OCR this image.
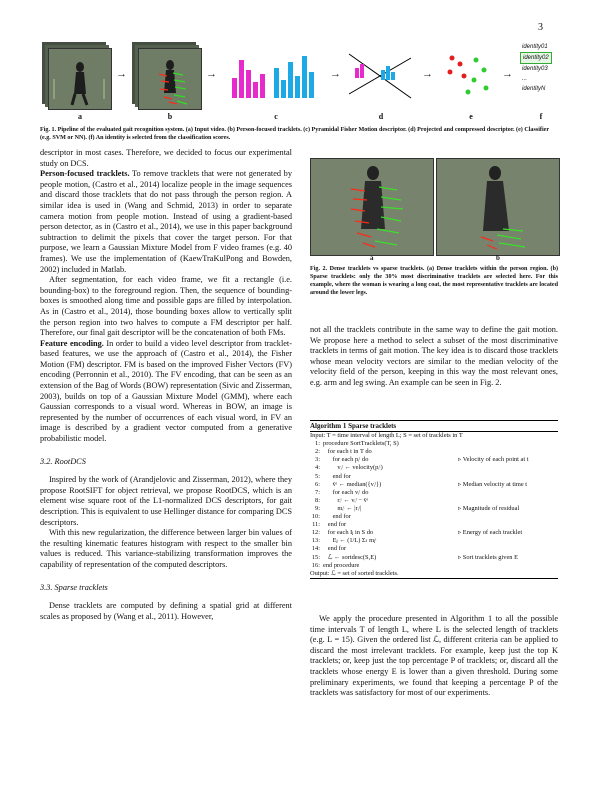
3
→	→	→	→	→
identity01
identity02
identity03
...
identityN
a	b	c	d	e	f
Fig. 1. Pipeline of the evaluated gait recognition system. (a) Input video. (b) Person-focused tracklets. (c) Pyramidal Fisher Motion descriptor. (d) Projected and compressed descriptor. (e) Classifier (e.g. SVM or NN). (f) An identity is selected from the classification scores.

descriptor in most cases. Therefore, we decided to focus our experimental study on DCS.

Person-focused tracklets. To remove tracklets that were not generated by people motion, (Castro et al., 2014) localize people in the image sequences and discard those tracklets that do not pass through the person region. A similar idea is used in (Wang and Schmid, 2013) in order to separate camera motion from people motion. Instead of using a gradient-based person detector, as in (Castro et al., 2014), we use in this paper background subtraction to delimit the pixels that cover the target person. For that purpose, we learn a Gaussian Mixture Model from F video frames (e.g. 40 frames). We use the implementation of (KaewTraKulPong and Bowden, 2002) included in Matlab.

After segmentation, for each video frame, we fit a rectangle (i.e. bounding-box) to the foreground region. Then, the sequence of bounding-boxes is smoothed along time and possible gaps are filled by interpolation. As in (Castro et al., 2014), those bounding boxes allow to vertically split the person region into two halves to compute a FM descriptor per half. Therefore, our final gait descriptor will be the concatenation of both FMs.

Feature encoding. In order to build a video level descriptor from tracklet-based features, we use the approach of (Castro et al., 2014), the Fisher Motion (FM) descriptor. FM is based on the improved Fisher Vectors (FV) encoding (Perronnin et al., 2010). The FV encoding, that can be seen as an extension of the Bag of Words (BOW) representation (Sivic and Zisserman, 2003), builds on top of a Gaussian Mixture Model (GMM), where each Gaussian corresponds to a visual word. Whereas in BOW, an image is represented by the number of occurrences of each visual word, in FV an image is described by a gradient vector computed from a generative probabilistic model.

3.2. RootDCS

Inspired by the work of (Arandjelovic and Zisserman, 2012), where they propose RootSIFT for object retrieval, we propose RootDCS, which is an element wise square root of the L1-normalized DCS descriptors, for gait description. This is equivalent to use Hellinger distance for comparing DCS descriptors.

With this new regularization, the difference between larger bin values of the resulting kinematic features histogram with respect to the smaller bin values is reduced. This variance-stabilizing transformation improves the capability of representation of the computed descriptors.

3.3. Sparse tracklets

Dense tracklets are computed by defining a spatial grid at different scales as proposed by (Wang et al., 2011). However,

a	b
Fig. 2. Dense tracklets vs sparse tracklets. (a) Dense tracklets within the person region. (b) Sparse tracklets: only the 30% most discriminative tracklets are selected here. For this example, where the woman is wearing a long coat, the most representative tracklets are located around the lower legs.

not all the tracklets contribute in the same way to define the gait motion. We propose here a method to select a subset of the most discriminative tracklets in terms of gait motion. The key idea is to discard those tracklets whose mean velocity vectors are similar to the median velocity of the velocity field of the person, keeping in this way the most relevant ones, e.g. arm and leg swing. An example can be seen in Fig. 2.

Algorithm 1 Sparse tracklets
Input: T = time interval of length L; S = set of tracklets in T
1: procedure SortTracklets(T, S)
2: for each t in T do
3: for each pᵢᵗ do	▹ Velocity of each point at t
4: vᵢᵗ ← velocity(pᵢᵗ)
5: end for
6: v̄ᵗ ← median({vᵢᵗ})	▹ Median velocity at time t
7: for each vᵢᵗ do
8: rᵢᵗ ← vᵢᵗ − v̄ᵗ
9: mᵢᵗ ← |rᵢᵗ|	▹ Magnitude of residual
10: end for
11: end for
12: for each Iⱼ in S do	▹ Energy of each tracklet
13: Eⱼ ← (1/L) Σₜ mⱼᵗ
14: end for
15: ℒ ← sortdesc(S,E)	▹ Sort tracklets given E
16: end procedure
Output: ℒ = set of sorted tracklets.

We apply the procedure presented in Algorithm 1 to all the possible time intervals T of length L, where L is the selected length of tracklets (e.g. L = 15). Given the ordered list ℒ, different criteria can be applied to discard the most irrelevant tracklets. For example, keep just the top K tracklets; or, keep just the top percentage P of tracklets; or, discard all the tracklets whose energy E is lower than a given threshold. During some preliminary experiments, we found that keeping a percentage P of the tracklets was satisfactory for most of our experiments.
